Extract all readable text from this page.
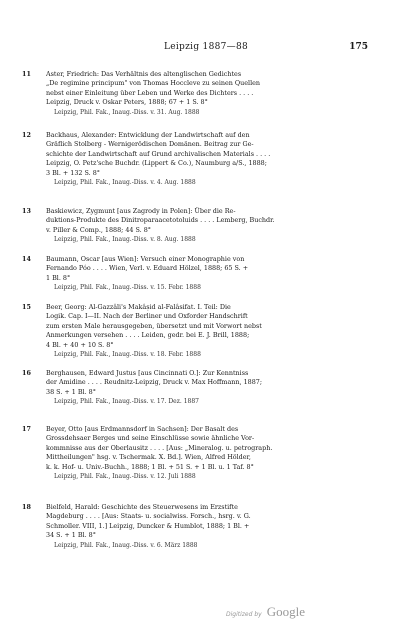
Leipzig 1887—88	175
11	Aster, Friedrich: Das Verhältnis des altenglischen Gedichtes
„De regimine principum" von Thomas Hoccleve zu seinen Quellen
nebst einer Einleitung über Leben und Werke des Dichters . . . .
Leipzig, Druck v. Oskar Peters, 1888; 67 + 1 S. 8°
Leipzig, Phil. Fak., Inaug.-Diss. v. 31. Aug. 1888
12	Backhaus, Alexander: Entwicklung der Landwirtschaft auf den
Gräflich Stolberg - Wernigerödischen Domänen. Beitrag zur Ge-
schichte der Landwirtschaft auf Grund archivalischen Materials . . . .
Leipzig, O. Petz'sche Buchdr. (Lippert & Co.), Naumburg a/S., 1888;
3 Bl. + 132 S. 8°
Leipzig, Phil. Fak., Inaug.-Diss. v. 4. Aug. 1888
13	Baskiewicz, Zygmunt [aus Zagrody in Polen]: Über die Re-
duktions-Produkte des Dinitroparaacetotoluids . . . . Lemberg, Buchdr.
v. Piller & Comp., 1888; 44 S. 8°
Leipzig, Phil. Fak., Inaug.-Diss. v. 8. Aug. 1888
14	Baumann, Oscar [aus Wien]: Versuch einer Monographie von
Fernando Póo . . . . Wien, Verl. v. Eduard Hölzel, 1888; 65 S. +
1 Bl. 8°
Leipzig, Phil. Fak., Inaug.-Diss. v. 15. Febr. 1888
15	Beer, Georg: Al-Gazzâli's Makâṣid al-Falâsifat. I. Teil: Die
Logik. Cap. I—II. Nach der Berliner und Oxforder Handschrift
zum ersten Male herausgegeben, übersetzt und mit Vorwort nebst
Anmerkungen versehen . . . . Leiden, gedr. bei E. J. Brill, 1888;
4 Bl. + 40 + 10 S. 8°
Leipzig, Phil. Fak., Inaug.-Diss. v. 18. Febr. 1888
16	Berghausen, Edward Justus [aus Cincinnati O.]: Zur Kenntniss
der Amidine . . . . Reudnitz-Leipzig, Druck v. Max Hoffmann, 1887;
38 S. + 1 Bl. 8°
Leipzig, Phil. Fak., Inaug.-Diss. v. 17. Dez. 1887
17	Beyer, Otto [aus Erdmannsdorf in Sachsen]: Der Basalt des
Grossdehsaer Berges und seine Einschlüsse sowie ähnliche Vor-
kommnisse aus der Oberlausitz . . . . [Aus: „Mineralog. u. petrograph.
Mittheilungen" hsg. v. Tschermak. X. Bd.]. Wien, Alfred Hölder,
k. k. Hof- u. Univ.-Buchh., 1888; 1 Bl. + 51 S. + 1 Bl. u. 1 Taf. 8°
Leipzig, Phil. Fak., Inaug.-Diss. v. 12. Juli 1888
18	Bielfeld, Harald: Geschichte des Steuerwesens im Erzstifte
Magdeburg . . . . [Aus: Staats- u. socialwiss. Forsch., hsrg. v. G.
Schmoller. VIII, 1.] Leipzig, Duncker & Humblot, 1888; 1 Bl. +
34 S. + 1 Bl. 8°
Leipzig, Phil. Fak., Inaug.-Diss. v. 6. März 1888
Digitized by Google
